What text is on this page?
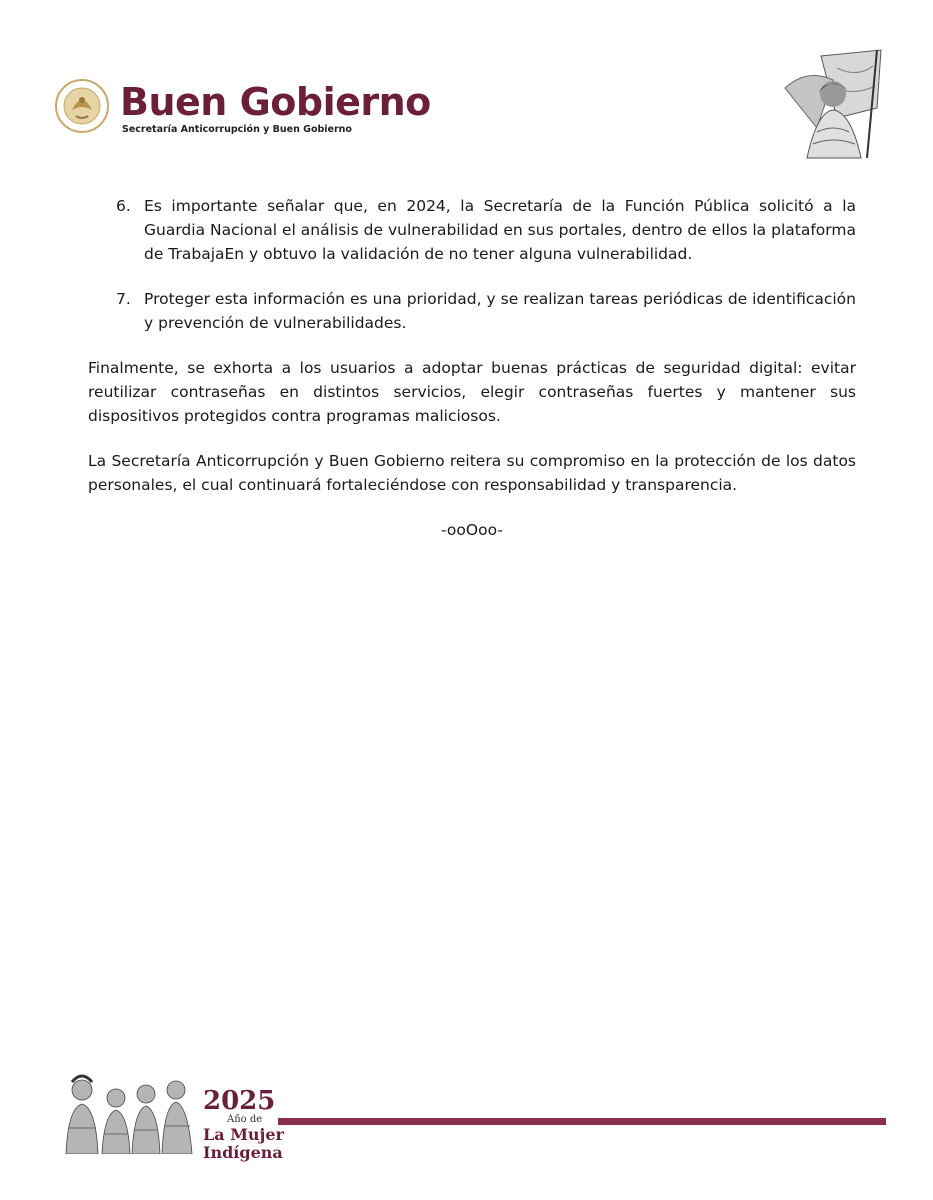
Buen Gobierno
Secretaría Anticorrupción y Buen Gobierno
6. Es importante señalar que, en 2024, la Secretaría de la Función Pública solicitó a la Guardia Nacional el análisis de vulnerabilidad en sus portales, dentro de ellos la plataforma de TrabajaEn y obtuvo la validación de no tener alguna vulnerabilidad.
7. Proteger esta información es una prioridad, y se realizan tareas periódicas de identificación y prevención de vulnerabilidades.

Finalmente, se exhorta a los usuarios a adoptar buenas prácticas de seguridad digital: evitar reutilizar contraseñas en distintos servicios, elegir contraseñas fuertes y mantener sus dispositivos protegidos contra programas maliciosos.

La Secretaría Anticorrupción y Buen Gobierno reitera su compromiso en la protección de los datos personales, el cual continuará fortaleciéndose con responsabilidad y transparencia.

-ooOoo-
2025
Año de
La Mujer
Indígena
